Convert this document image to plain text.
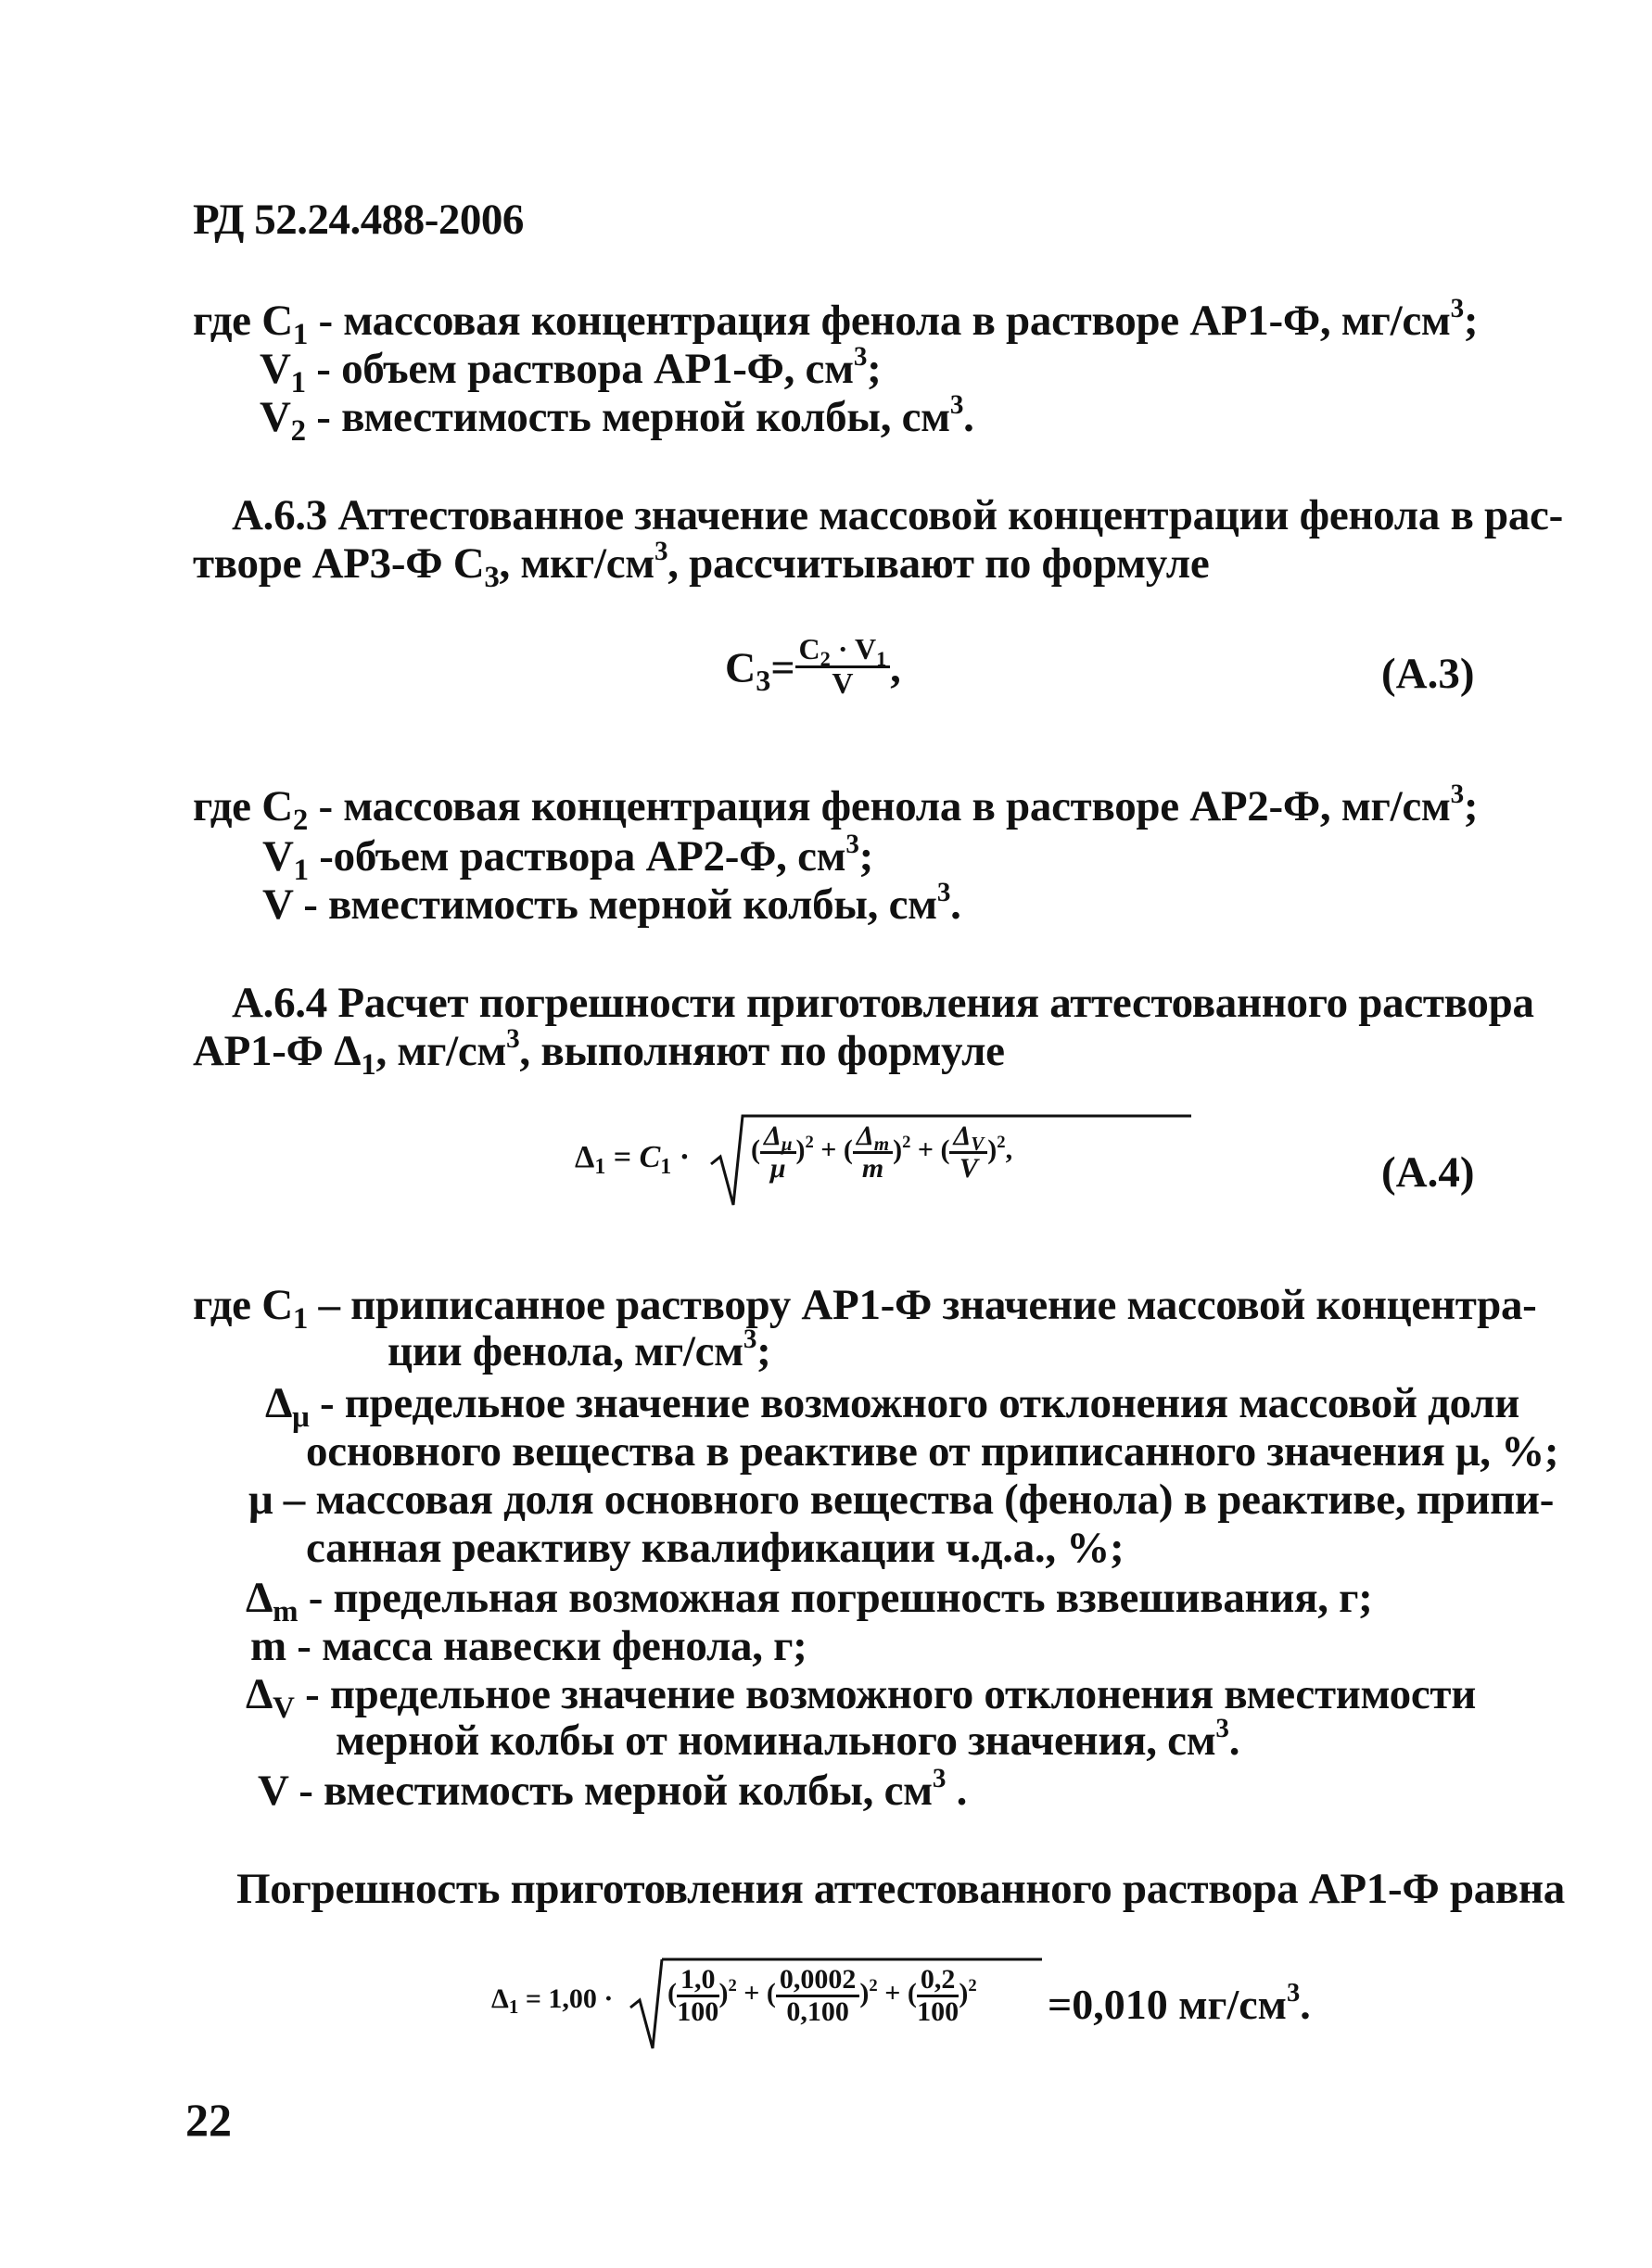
РД 52.24.488-2006
где $C_1$ - массовая концентрация фенола в растворе АР1-Ф, $мг/см^3$;
$V_1$ - объем раствора АР1-Ф, $см^3$;
$V_2$ - вместимость мерной колбы, $см^3$.
А.6.3 Аттестованное значение массовой концентрации фенола в рас-
творе АР3-Ф $С_3$, мкг/$см^3$, рассчитывают по формуле
$C_3= \frac{C_2 \cdot V_1}{V}$ ,	(А.3)
где $C_2$ - массовая концентрация фенола в растворе АР2-Ф, $мг/см^3$;
$V_1$ -объем раствора АР2-Ф, $см^3$;
V - вместимость мерной колбы, $см^3$.
А.6.4 Расчет погрешности приготовления аттестованного раствора
АР1-Ф $\Delta_1$, $мг/см^3$, выполняют по формуле
$\Delta_1 = C_1$ · ( $\frac{\Delta_\mu}{\mu} )^2$ + ( $\frac{\Delta_m}{m} )^2$ + ( $\frac{\Delta_V}{V} )^2$,	(А.4)
где $C_1$ – приписанное раствору АР1-Ф значение массовой концентра-
ции фенола, $мг/см^3$;
$\Delta_\mu$ - предельное значение возможного отклонения массовой доли
основного вещества в реактиве от приписанного значения μ, %;
μ – массовая доля основного вещества (фенола) в реактиве, припи-
санная реактиву квалификации ч.д.а., %;
$\Delta_m$ - предельная возможная погрешность взвешивания, г;
m - масса навески фенола, г;
$\Delta_V$ - предельное значение возможного отклонения вместимости
мерной колбы от номинального значения, $см^3$.
V - вместимость мерной колбы, $см^3$ .
Погрешность приготовления аттестованного раствора АР1-Ф равна
$\Delta_1 = 1,00$ · ( $\frac{1,0}{100} )^2$ + ( $\frac{0,0002}{0,100} )^2$ + ( $\frac{0,2}{100} )^2 =0,010$ $мг/см^3$.
22
